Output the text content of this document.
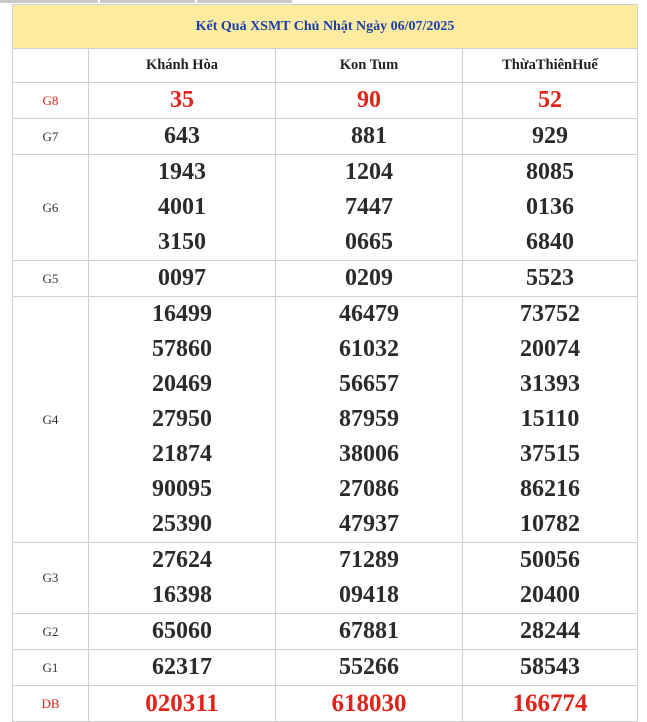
Kết Quả XSMT Chủ Nhật Ngày 06/07/2025			
	Khánh Hòa	Kon Tum	ThừaThiênHuế
G8	35	90	52
G7	643	881	929
G6	1943	1204	8085
	4001	7447	0136
	3150	0665	6840
G5	0097	0209	5523
G4	16499	46479	73752
	57860	61032	20074
	20469	56657	31393
	27950	87959	15110
	21874	38006	37515
	90095	27086	86216
	25390	47937	10782
G3	27624	71289	50056
	16398	09418	20400
G2	65060	67881	28244
G1	62317	55266	58543
DB	020311	618030	166774
